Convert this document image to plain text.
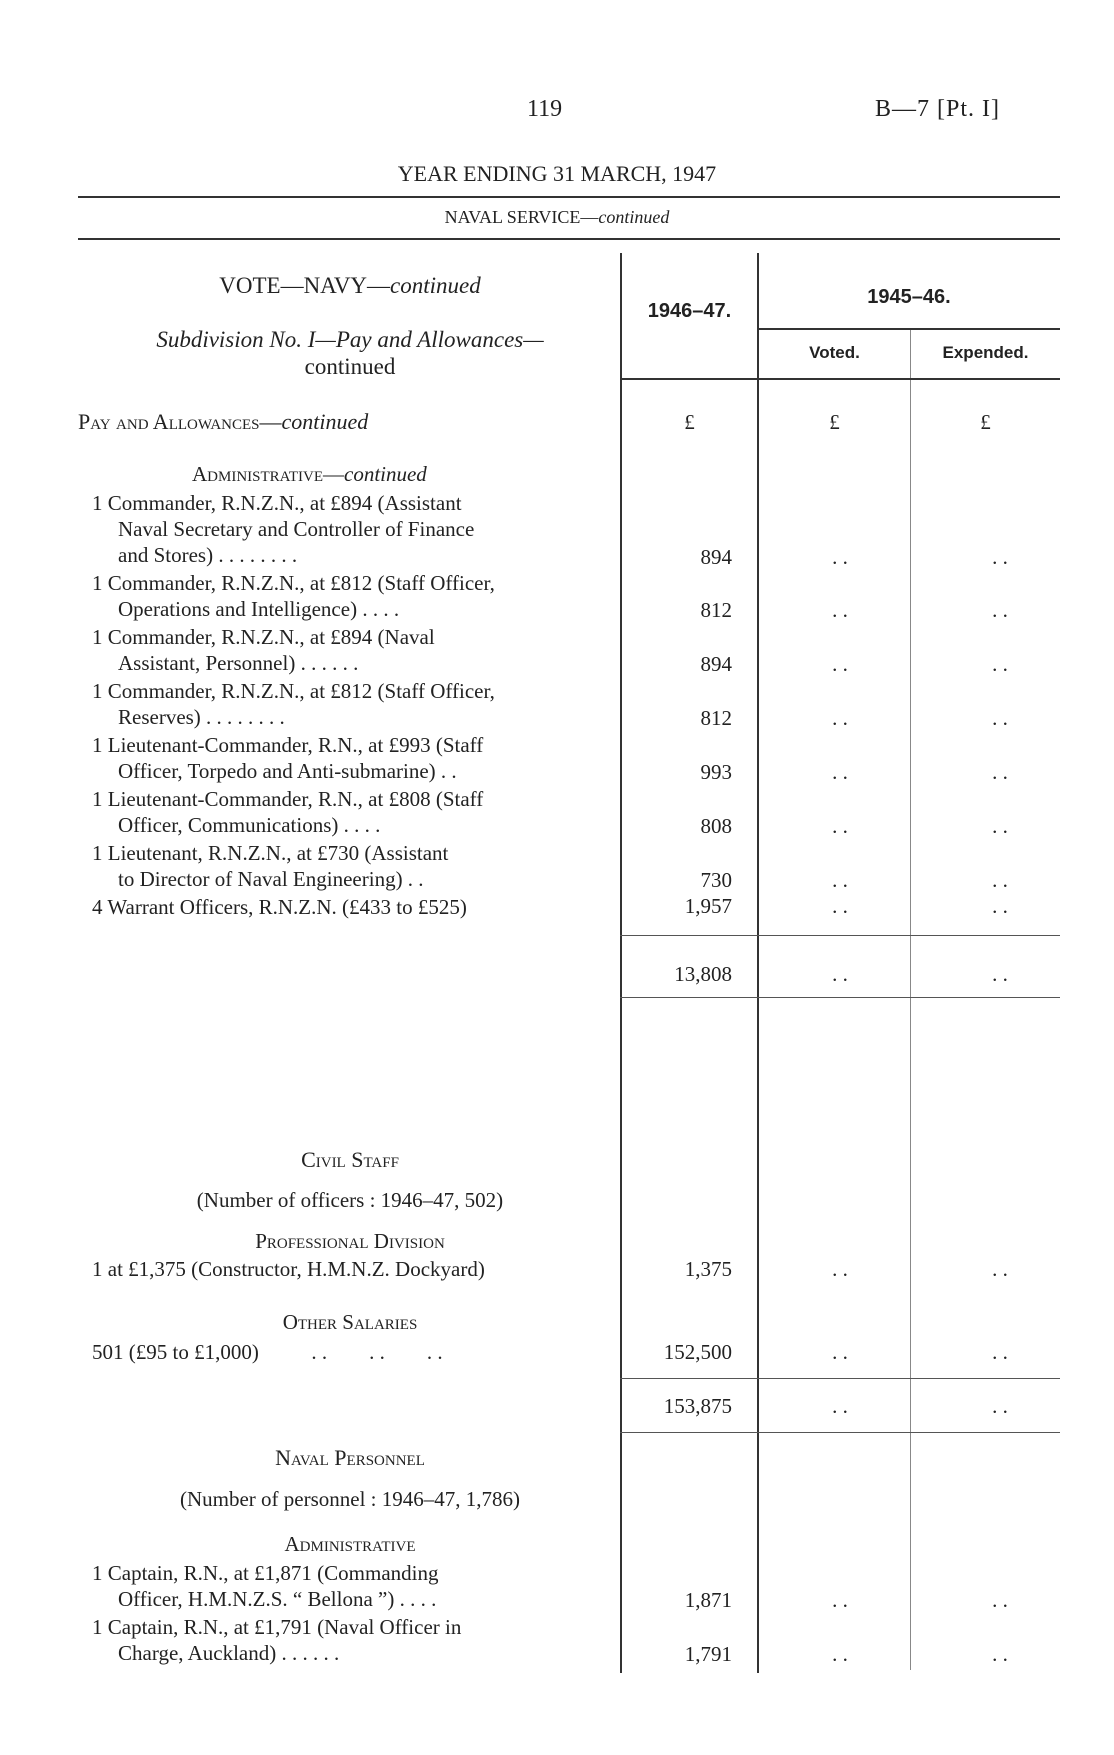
119	B—7 [Pt. I]
YEAR ENDING 31 MARCH, 1947
NAVAL SERVICE—continued
1946–47.
1945–46.
Voted.	Expended.
VOTE—NAVY—continued
Subdivision No. I—Pay and Allowances—
continued
Pay and Allowances—continued	£	£	£
Administrative—continued
1 Commander, R.N.Z.N., at £894 (Assistant
Naval Secretary and Controller of Finance
and Stores) . . . . . . . .	894	. .	. .
1 Commander, R.N.Z.N., at £812 (Staff Officer,
Operations and Intelligence) . . . .	812	. .	. .
1 Commander, R.N.Z.N., at £894 (Naval
Assistant, Personnel) . . . . . .	894	. .	. .
1 Commander, R.N.Z.N., at £812 (Staff Officer,
Reserves) . . . . . . . .	812	. .	. .
1 Lieutenant-Commander, R.N., at £993 (Staff
Officer, Torpedo and Anti-submarine) . .	993	. .	. .
1 Lieutenant-Commander, R.N., at £808 (Staff
Officer, Communications) . . . .	808	. .	. .
1 Lieutenant, R.N.Z.N., at £730 (Assistant
to Director of Naval Engineering) . .	730	. .	. .
4 Warrant Officers, R.N.Z.N. (£433 to £525)	1,957	. .	. .
13,808	. .	. .
Civil Staff
(Number of officers : 1946–47, 502)
Professional Division
1 at £1,375 (Constructor, H.M.N.Z. Dockyard)	1,375	. .	. .
Other Salaries
501 (£95 to £1,000)          . .        . .        . .	152,500	. .	. .
153,875	. .	. .
Naval Personnel
(Number of personnel : 1946–47, 1,786)
Administrative
1 Captain, R.N., at £1,871 (Commanding
Officer, H.M.N.Z.S. “ Bellona ”) . . . .	1,871	. .	. .
1 Captain, R.N., at £1,791 (Naval Officer in
Charge, Auckland) . . . . . .	1,791	. .	. .
